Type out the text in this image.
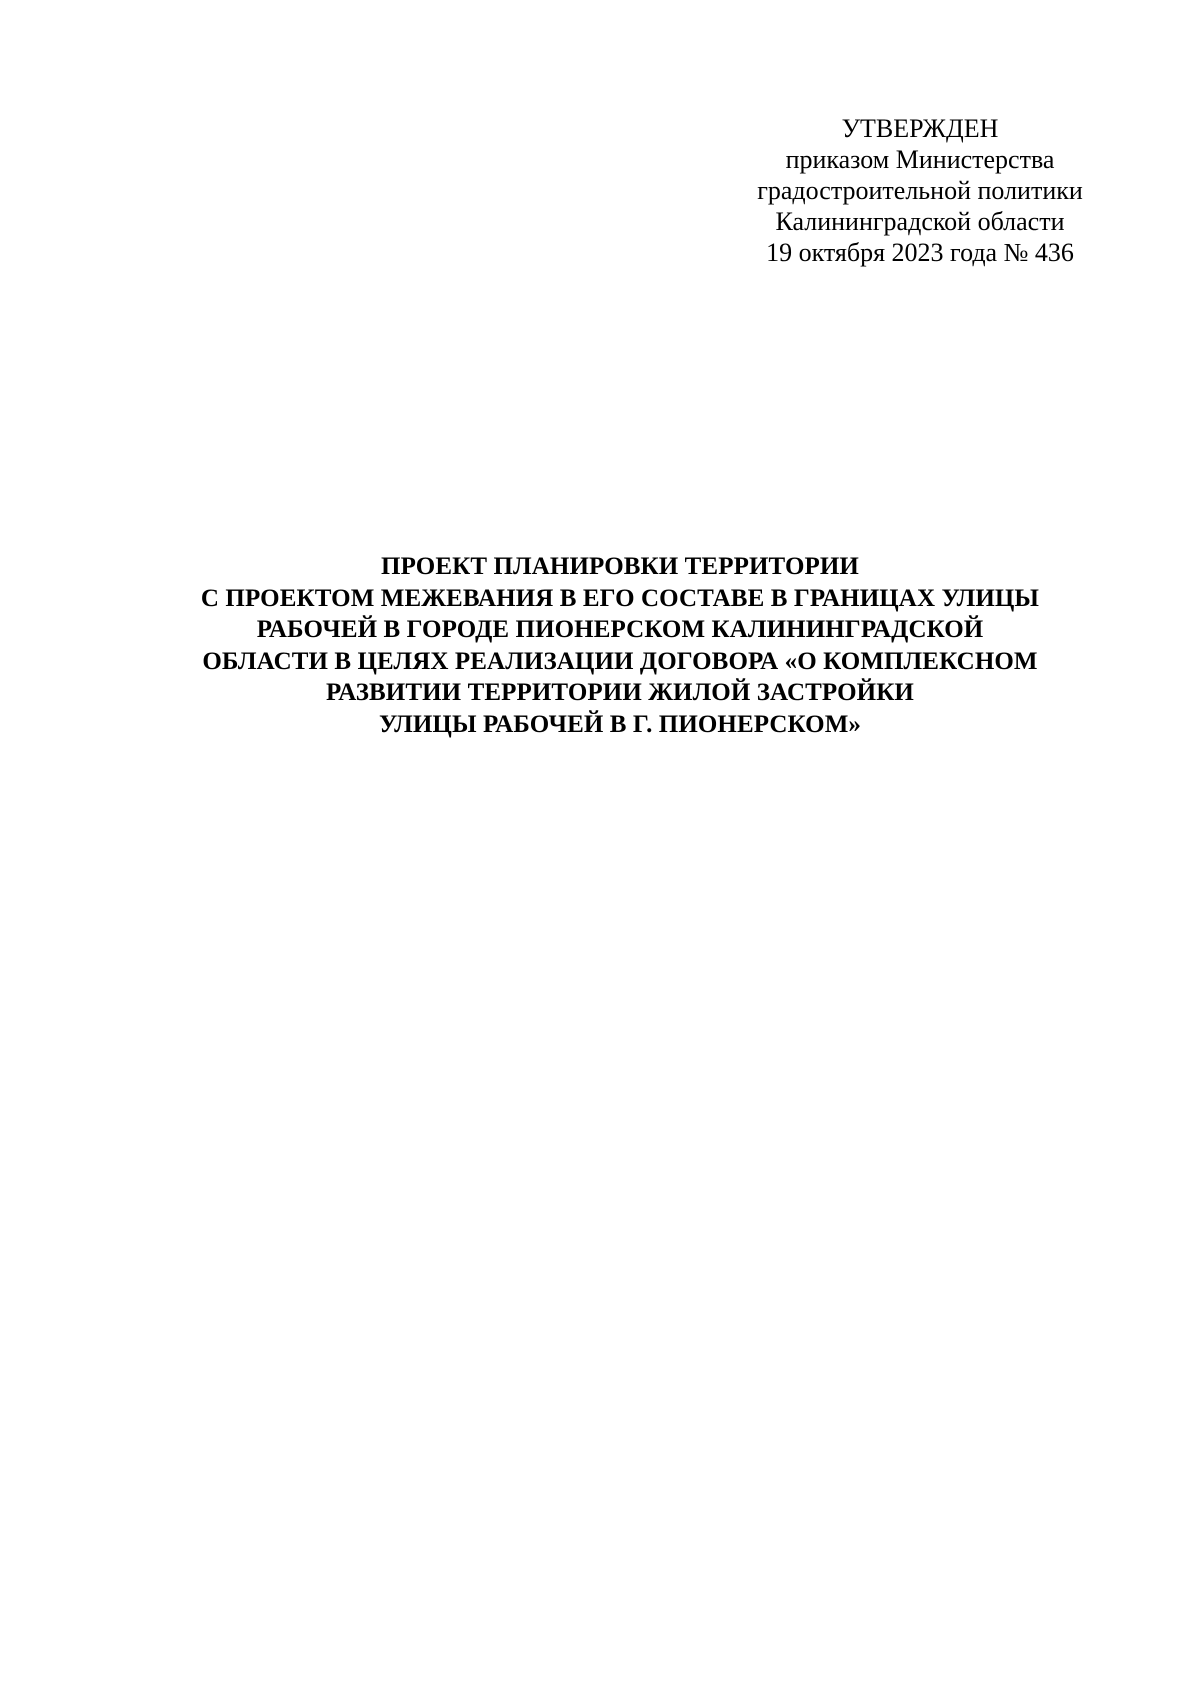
УТВЕРЖДЕН
приказом Министерства
градостроительной политики
Калининградской области
19 октября 2023 года № 436
ПРОЕКТ ПЛАНИРОВКИ ТЕРРИТОРИИ
С ПРОЕКТОМ МЕЖЕВАНИЯ В ЕГО СОСТАВЕ В ГРАНИЦАХ УЛИЦЫ
РАБОЧЕЙ В ГОРОДЕ ПИОНЕРСКОМ КАЛИНИНГРАДСКОЙ
ОБЛАСТИ В ЦЕЛЯХ РЕАЛИЗАЦИИ ДОГОВОРА «О КОМПЛЕКСНОМ
РАЗВИТИИ ТЕРРИТОРИИ ЖИЛОЙ ЗАСТРОЙКИ
УЛИЦЫ РАБОЧЕЙ В Г. ПИОНЕРСКОМ»
